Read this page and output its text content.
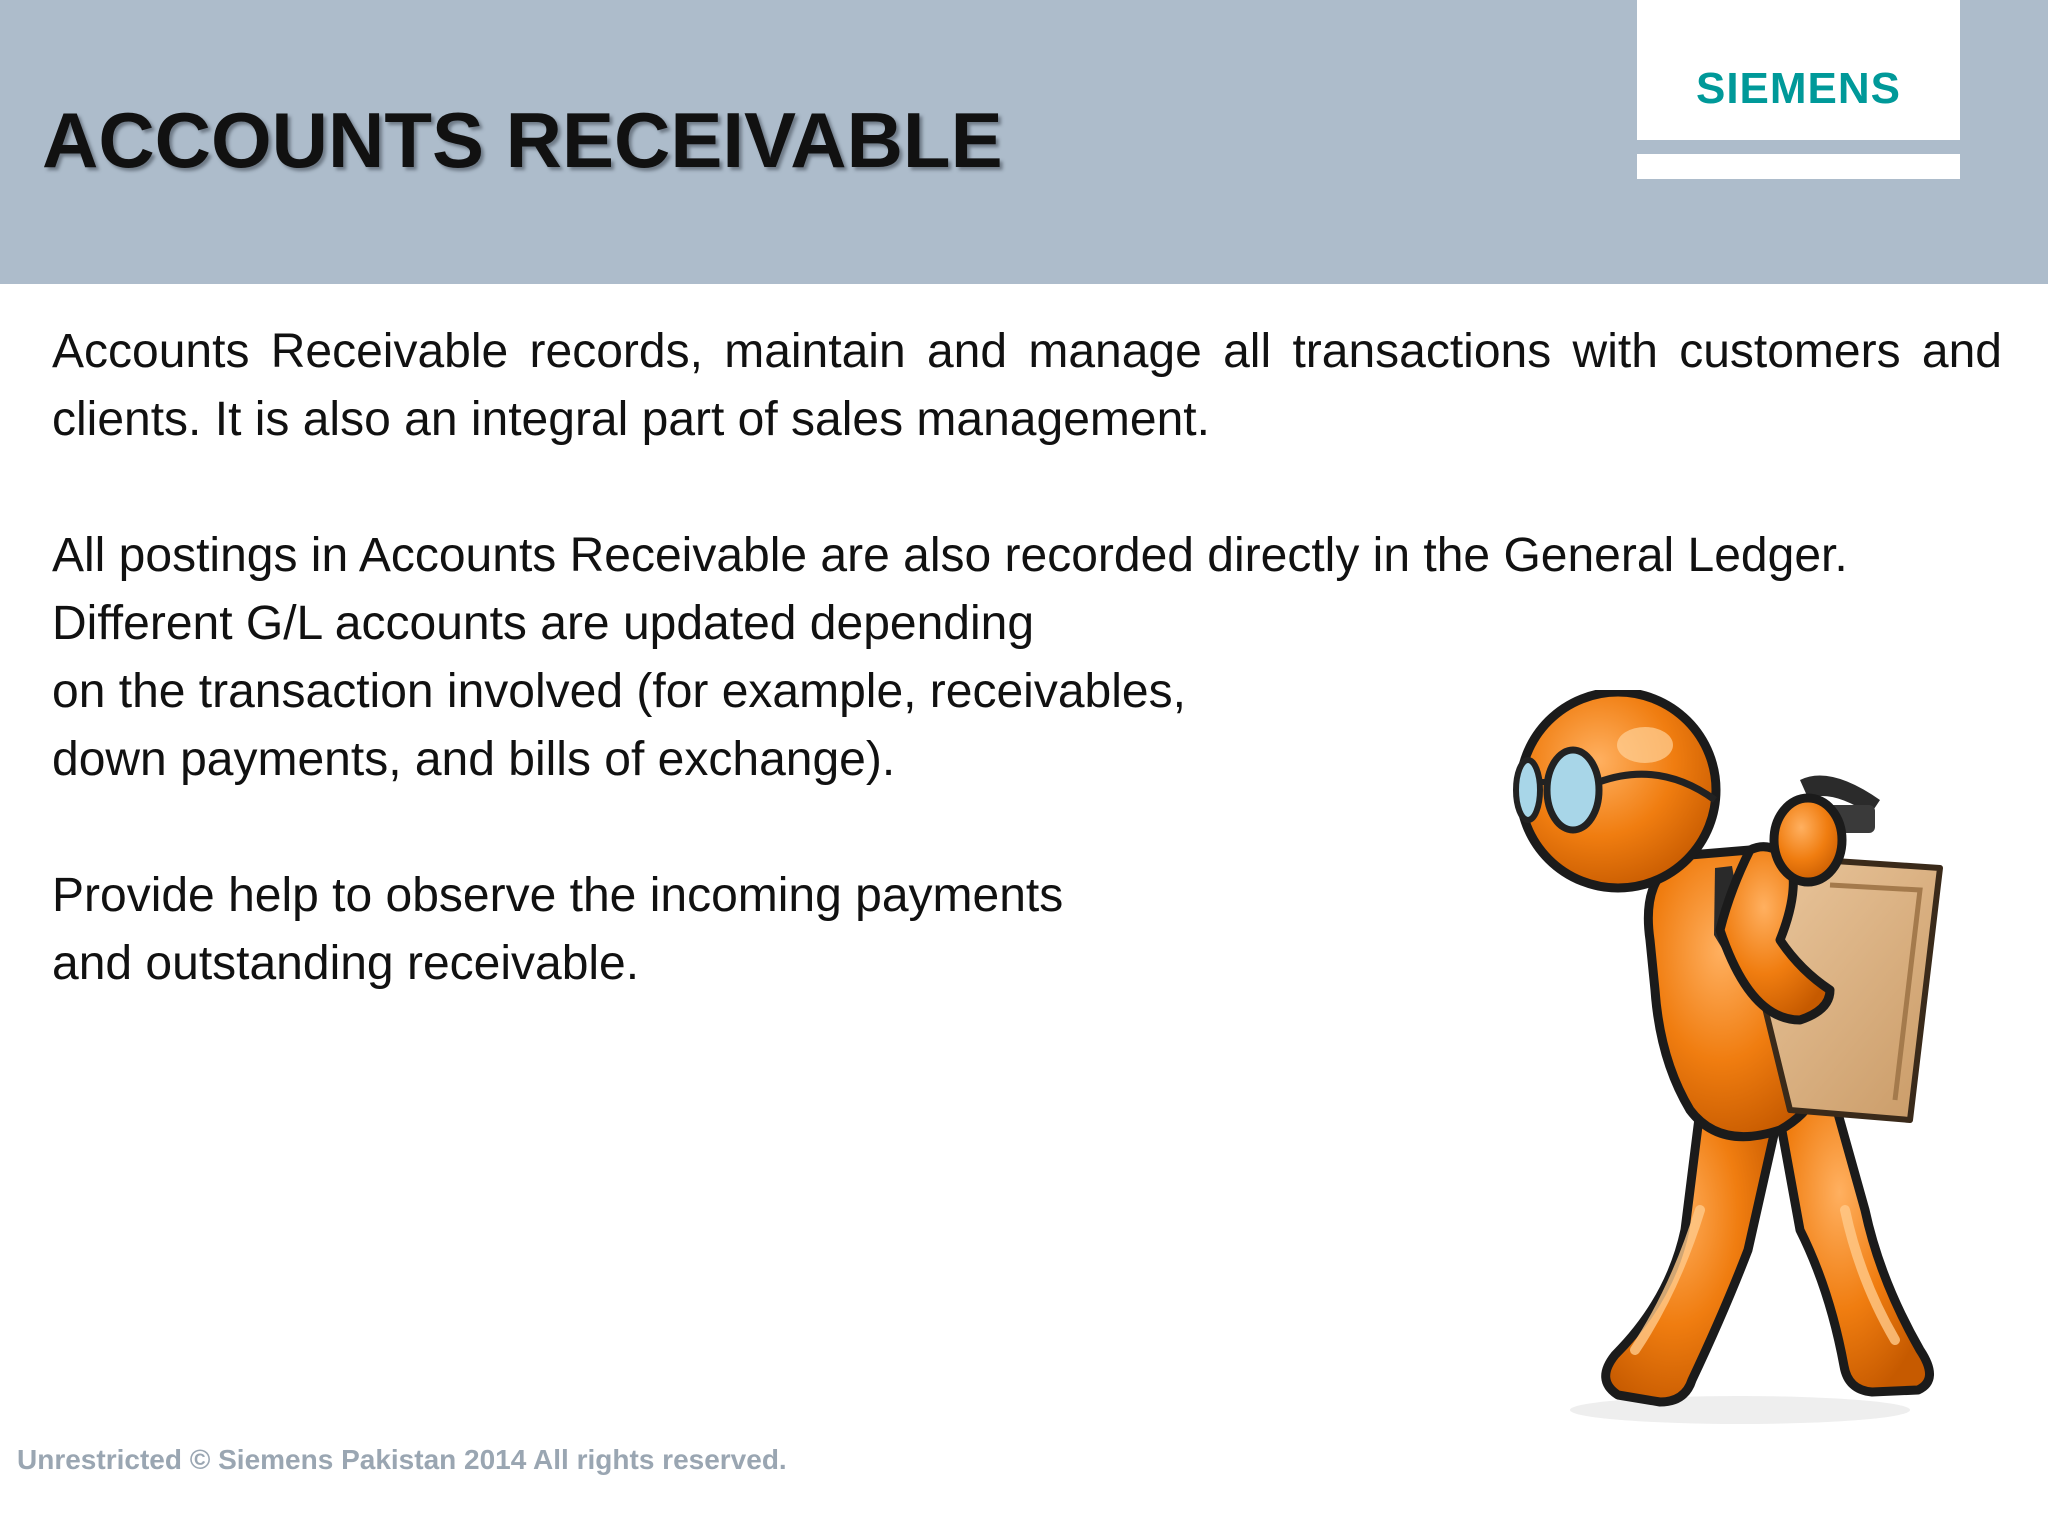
ACCOUNTS RECEIVABLE
SIEMENS

Accounts Receivable records, maintain and manage all transactions with customers and clients. It is also an integral part of sales management.

All postings in Accounts Receivable are also recorded directly in the General Ledger.
Different G/L accounts are updated depending
on the transaction involved (for example, receivables,
down payments, and bills of exchange).

Provide help to observe the incoming payments
and outstanding receivable.

Unrestricted © Siemens Pakistan 2014 All rights reserved.
